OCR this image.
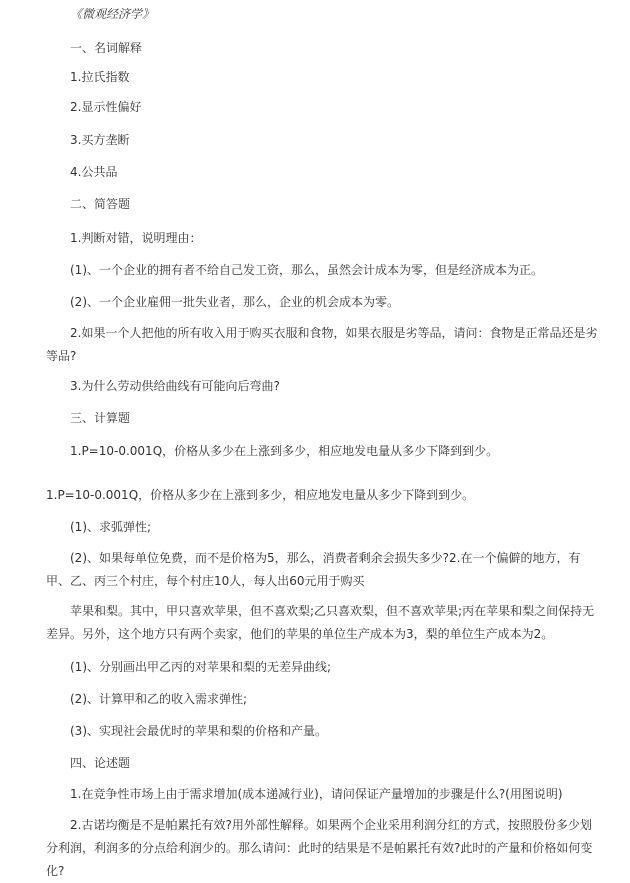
《微观经济学》

一、名词解释

1.拉氏指数

2.显示性偏好

3.买方垄断

4.公共品

二、简答题

1.判断对错，说明理由：

(1)、一个企业的拥有者不给自己发工资，那么，虽然会计成本为零，但是经济成本为正。

(2)、一个企业雇佣一批失业者，那么，企业的机会成本为零。

2.如果一个人把他的所有收入用于购买衣服和食物，如果衣服是劣等品，请问：食物是正常品还是劣等品?

3.为什么劳动供给曲线有可能向后弯曲?

三、计算题

1.P=10-0.001Q，价格从多少在上涨到多少，相应地发电量从多少下降到到少。

1.P=10-0.001Q，价格从多少在上涨到多少，相应地发电量从多少下降到到少。

(1)、求弧弹性;

(2)、如果每单位免费，而不是价格为5，那么，消费者剩余会损失多少?2.在一个偏僻的地方，有甲、乙、丙三个村庄，每个村庄10人，每人出60元用于购买

苹果和梨。其中，甲只喜欢苹果，但不喜欢梨;乙只喜欢梨，但不喜欢苹果;丙在苹果和梨之间保持无差异。另外，这个地方只有两个卖家，他们的苹果的单位生产成本为3，梨的单位生产成本为2。

(1)、分别画出甲乙丙的对苹果和梨的无差异曲线;

(2)、计算甲和乙的收入需求弹性;

(3)、实现社会最优时的苹果和梨的价格和产量。

四、论述题

1.在竞争性市场上由于需求增加(成本递减行业)，请问保证产量增加的步骤是什么?(用图说明)

2.古诺均衡是不是帕累托有效?用外部性解释。如果两个企业采用利润分红的方式，按照股份多少划分利润，利润多的分点给利润少的。那么请问：此时的结果是不是帕累托有效?此时的产量和价格如何变化?
